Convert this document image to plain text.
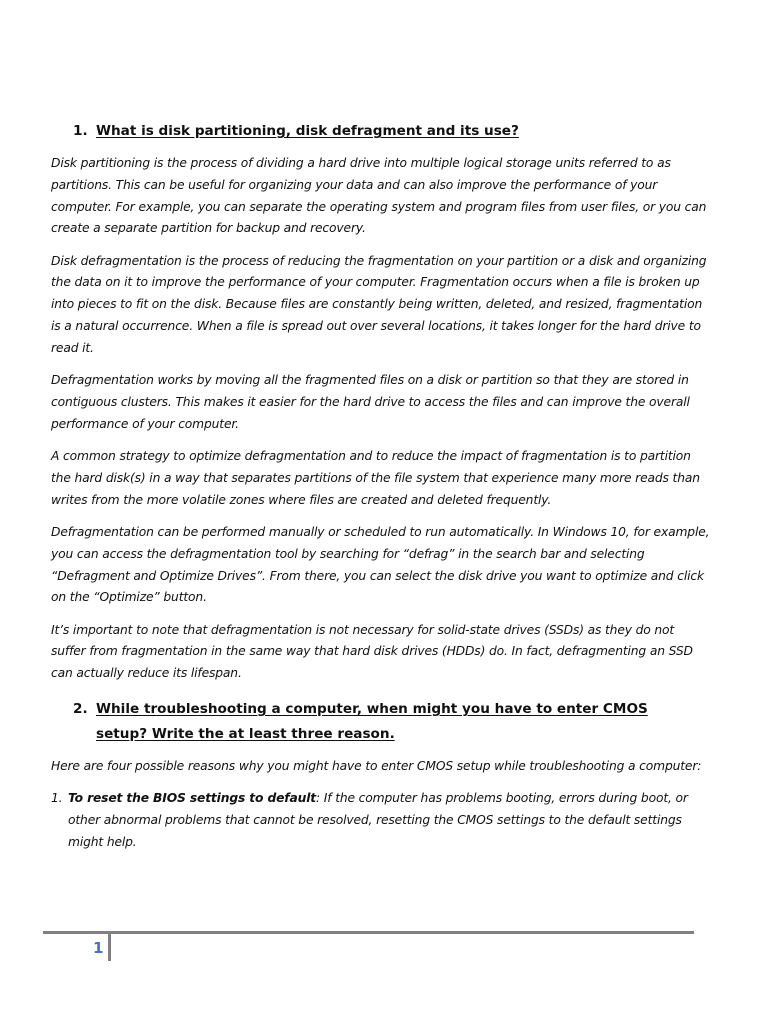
1. What is disk partitioning, disk defragment and its use?

Disk partitioning is the process of dividing a hard drive into multiple logical storage units referred to as partitions. This can be useful for organizing your data and can also improve the performance of your computer. For example, you can separate the operating system and program files from user files, or you can create a separate partition for backup and recovery.

Disk defragmentation is the process of reducing the fragmentation on your partition or a disk and organizing the data on it to improve the performance of your computer. Fragmentation occurs when a file is broken up into pieces to fit on the disk. Because files are constantly being written, deleted, and resized, fragmentation is a natural occurrence. When a file is spread out over several locations, it takes longer for the hard drive to read it.

Defragmentation works by moving all the fragmented files on a disk or partition so that they are stored in contiguous clusters. This makes it easier for the hard drive to access the files and can improve the overall performance of your computer.

A common strategy to optimize defragmentation and to reduce the impact of fragmentation is to partition the hard disk(s) in a way that separates partitions of the file system that experience many more reads than writes from the more volatile zones where files are created and deleted frequently.

Defragmentation can be performed manually or scheduled to run automatically. In Windows 10, for example, you can access the defragmentation tool by searching for “defrag” in the search bar and selecting “Defragment and Optimize Drives”. From there, you can select the disk drive you want to optimize and click on the “Optimize” button.

It’s important to note that defragmentation is not necessary for solid-state drives (SSDs) as they do not suffer from fragmentation in the same way that hard disk drives (HDDs) do. In fact, defragmenting an SSD can actually reduce its lifespan.

2. While troubleshooting a computer, when might you have to enter CMOS setup? Write the at least three reason.

Here are four possible reasons why you might have to enter CMOS setup while troubleshooting a computer:

1. To reset the BIOS settings to default: If the computer has problems booting, errors during boot, or other abnormal problems that cannot be resolved, resetting the CMOS settings to the default settings might help.
1
